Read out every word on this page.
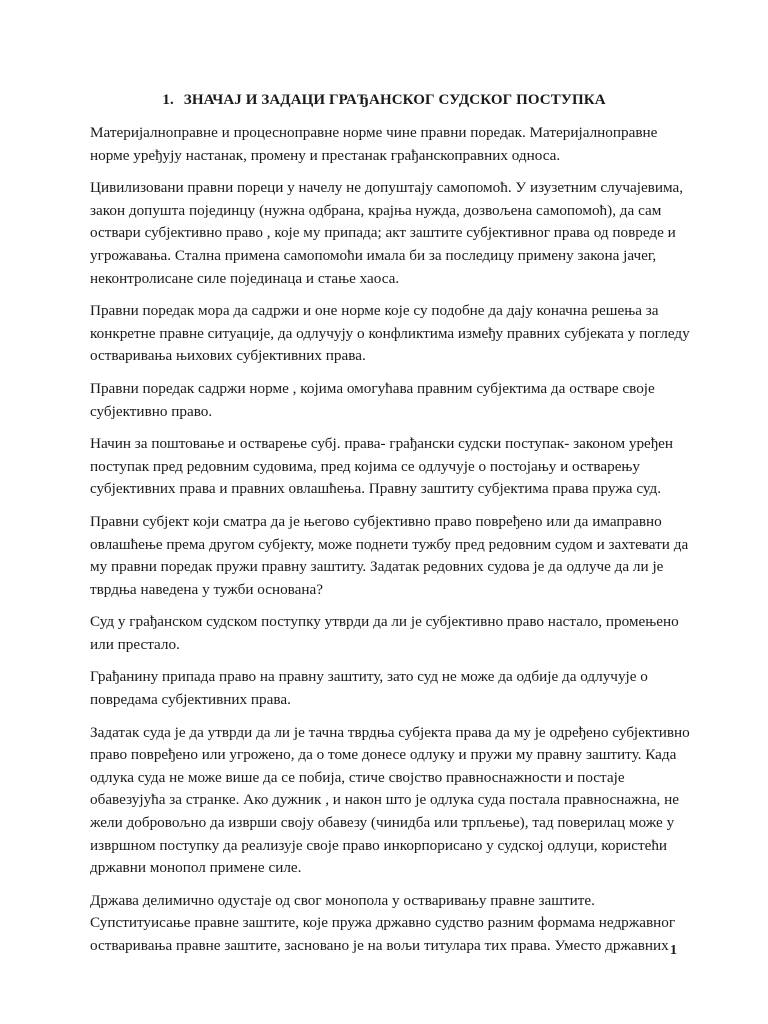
1. ЗНАЧАЈ И ЗАДАЦИ ГРАЂАНСКОГ СУДСКОГ ПОСТУПКА

Материјалноправне и процесноправне норме чине правни поредак. Материјалноправне норме уређују настанак, промену и престанак грађанскоправних односа.

Цивилизовани правни пореци у начелу не допуштају самопомоћ. У изузетним случајевима, закон допушта појединцу (нужна одбрана, крајња нужда, дозвољена самопомоћ), да сам оствари субјективно право , које му припада; акт заштите субјективног права од повреде и угрожавања. Стална примена самопомоћи имала би за последицу примену закона јачег, неконтролисане силе појединаца и стање хаоса.

Правни поредак мора да садржи и оне норме које су подобне да дају коначна решења за конкретне правне ситуације, да одлучују о конфликтима између правних субјеката у погледу остваривања њихових субјективних права.

Правни поредак садржи норме , којима омогућава правним субјектима да остваре своје субјективно право.

Начин за поштовање и остварење субј. права- грађански судски поступак- законом уређен поступак пред редовним судовима, пред којима се одлучује о постојању и остварењу субјективних права и правних овлашћења. Правну заштиту субјектима права пружа суд.

Правни субјект који сматра да је његово субјективно право повређено или да имаправно овлашћење према другом субјекту, може поднети тужбу пред редовним судом и захтевати да му правни поредак пружи правну заштиту. Задатак редовних судова је да одлуче да ли је тврдња наведена у тужби основана?

Суд у грађанском судском поступку утврди да ли је субјективно право настало, промењено или престало.

Грађанину припада право на правну заштиту, зато суд не може да одбије да одлучује о повредама субјективних права.

Задатак суда је да утврди да ли је тачна тврдња субјекта права да му је одређено субјективно право повређено или угрожено, да о томе донесе одлуку и пружи му правну заштиту. Када одлука суда не може више да се побија, стиче својство правноснажности и постаје обавезујућа за странке. Ако дужник , и након што је одлука суда постала правноснажна, не жели добровољно да изврши своју обавезу (чинидба или трпљење), тад поверилац може у извршном поступку да реализује своје право инкорпорисано у судској одлуци, користећи државни монопол примене силе.

Држава делимично одустаје од свог монопола у остваривању правне заштите. Супституисање правне заштите, које пружа државно судство разним формама недржавног остваривања правне заштите, засновано је на вољи титулара тих права. Уместо државних 1
